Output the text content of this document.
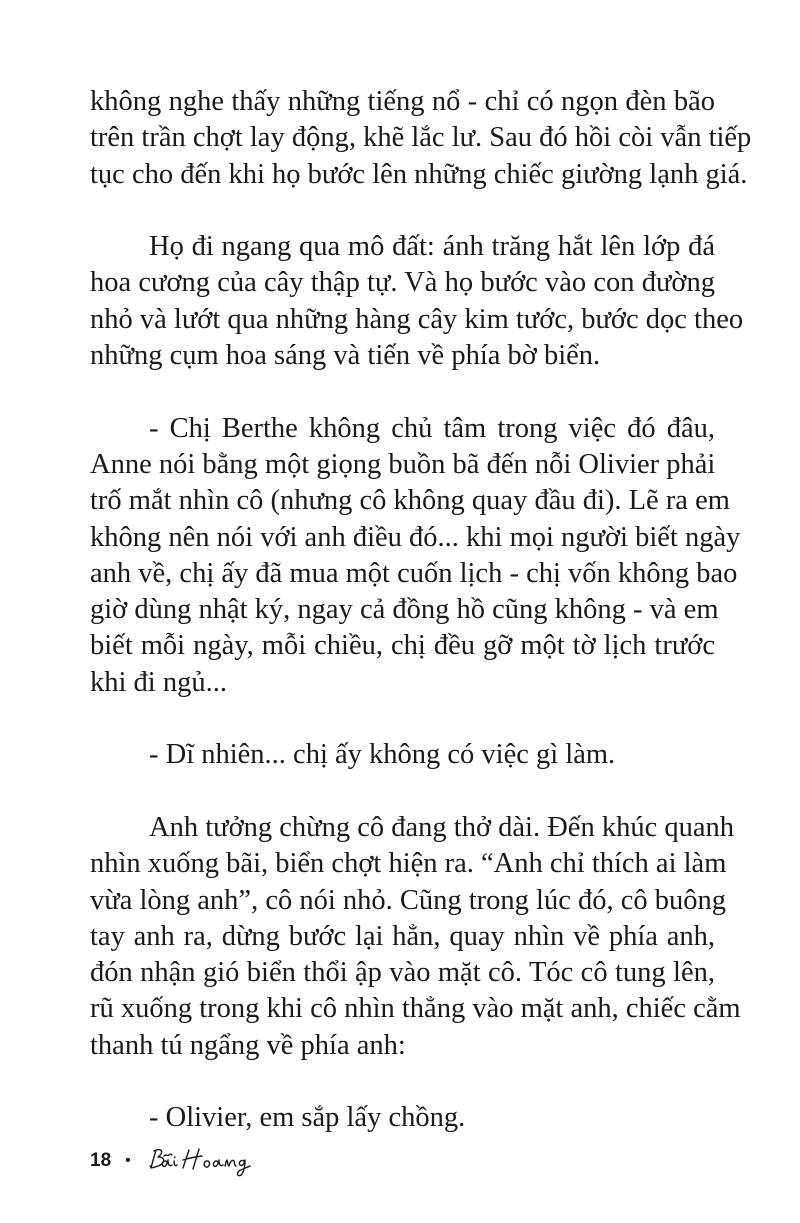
không nghe thấy những tiếng nổ - chỉ có ngọn đèn bão
trên trần chợt lay động, khẽ lắc lư. Sau đó hồi còi vẫn tiếp
tục cho đến khi họ bước lên những chiếc giường lạnh giá.

Họ đi ngang qua mô đất: ánh trăng hắt lên lớp đá
hoa cương của cây thập tự. Và họ bước vào con đường
nhỏ và lướt qua những hàng cây kim tước, bước dọc theo
những cụm hoa sáng và tiến về phía bờ biển.

- Chị Berthe không chủ tâm trong việc đó đâu,
Anne nói bằng một giọng buồn bã đến nỗi Olivier phải
trố mắt nhìn cô (nhưng cô không quay đầu đi). Lẽ ra em
không nên nói với anh điều đó... khi mọi người biết ngày
anh về, chị ấy đã mua một cuốn lịch - chị vốn không bao
giờ dùng nhật ký, ngay cả đồng hồ cũng không - và em
biết mỗi ngày, mỗi chiều, chị đều gỡ một tờ lịch trước
khi đi ngủ...

- Dĩ nhiên... chị ấy không có việc gì làm.

Anh tưởng chừng cô đang thở dài. Đến khúc quanh
nhìn xuống bãi, biển chợt hiện ra. “Anh chỉ thích ai làm
vừa lòng anh”, cô nói nhỏ. Cũng trong lúc đó, cô buông
tay anh ra, dừng bước lại hẳn, quay nhìn về phía anh,
đón nhận gió biển thổi ập vào mặt cô. Tóc cô tung lên,
rũ xuống trong khi cô nhìn thẳng vào mặt anh, chiếc cằm
thanh tú ngẩng về phía anh:

- Olivier, em sắp lấy chồng.

18 •
